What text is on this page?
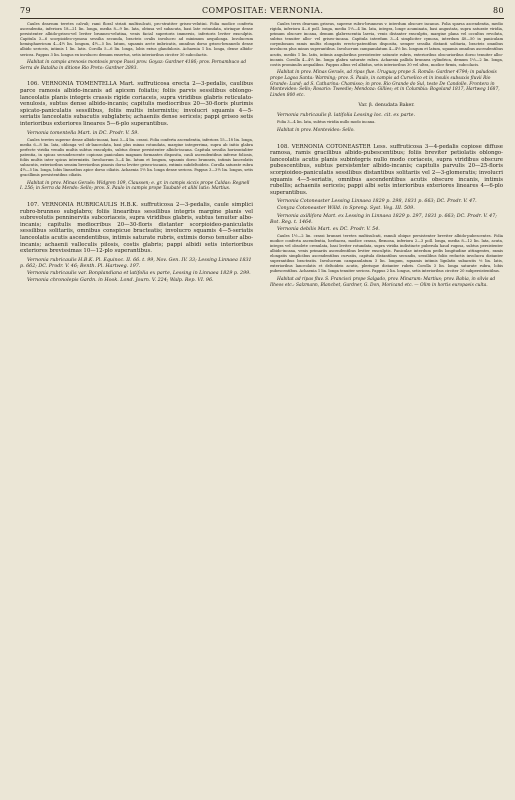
79	COMPOSITAE: VERNONIA.	80

Caules dearsum teretes calvuli; rami floral striati multisulcati, pro-stratiter griseo-velutini. Folia modice conferta ascendentia, inferiora 18—21 lin. longa, media 8—9 lin. lata, obtusa vel subacuta, basi late rotundata, utrinque dense persistenter albido-griseo-vel leviter brunneo-velutina, venis facial superioris immersis, inferioris leviter exsculptis. Capitula 3—6 scorpioideo-cymosa sessilia secunda, bracteis ovalis involucro ad minimum aequilonga. Involucrum hemisphaericum 4—4½ lin. longum, 4½—5 lin. latum, squamis arcte imbricatis, omnibus dorso griseo-brunnedo dense albido sericeis, intimis 1 lin. latis. Corolla 5—6 lin. longa, lobis extus glandulosis. Achaenia 1 lin. longa, dense albido-sericea. Pappus 3 lin. longus ex involucro demum exsertus, setis interioribus circiter 30 subcolactis.

Habitat in campis arenosis montosis prope Passi prov. Goyaz: Gardner 4186; prov. Pernambuco ad Serra de Batalha in ditione Rio Preto: Gardner 2893.

106. VERNONIA TOMENTELLA Mart. suffruticosa erecta 2—3-pedalis, caulibus parce ramosis albido-incanis ad apicem foliatis; foliis parvis sessilibus oblongo-lanceolatis planis integris crassis rigide coriaceis, supra viridibus glabris reticulato-venulosis, subtus dense albido-incanis; capitulis mediocribus 20—30-floris plurimis spicato-paniculatis sessilibus, foliis multis intermixtis; involucri squamis 4—5-seriatis lanceolatis subacutis subglabris; achaeniis dense sericeis; pappi griseo setis interioribus exteriores lineares 5—6-plo superantibus.

Vernonia tomentella Mart. in DC. Prodr. V. 59.

Caules teretes superne dense albido-incani, basi 3—4 lin. crassi. Folia conferta ascendentia, inferiora 15—18 lin. longa, media 6—8 lin. lata, oblonga vel ob-lanceolata, basi plus minus rotundata, margine integerrima, supra ab initio glabra perfecte viridia venulis multis subtus exsculptis, subtus dense persistenter albido-incana. Capitula sessilia horizontaliter patentia, in spicas secundescente copiosas paniculam magnam formantes disposita, cauli ascendentibus inferne foliosis, foliis multis inter spicas intermixtis. Involucrum 3—4 lin. latum et longum, squamis dorso brunneis, intimis lanceolatis subacutis, exterioribus sensim brevioribus pinosis dorso leviter griseo-incanis, extimis subdeltoideis. Corolla saturate rubra 4½—5 lin. longa, lobis linearibus apice dorso ciliatis. Achaenia 1½ lin. longa dense sericea. Pappus 3—3½ lin. longus, setis gracillimis persistentibus ciliatis.

Habitat in prov. Minas Geraës: Widgren 109, Claussen; e. gr. in campis siccis prope Caldas: Regnell I. 256; in Serra da Mendo: Sello; prov. S. Paulo in campis prope Taubaté et alibi lutis: Martius.

107. VERNONIA RUBRICAULIS H.B.K. suffruticosa 2—3-pedalis, caule simplici rubro-brunneo subglabro; foliis linearibus sessilibus integris margine planis vel subrevolutis penninerviis subcoriaceis, supra viridibus glabris, subtus tenuiter albo-incanis; capitulis mediocribus 20—30-floris distanter scorpioideo-paniculatis sessilibus solitariis, omnibus conspicue bracteatis; involucro squamis 4—5-seriatis lanceolatis acutis ascendentibus, intimis saturate rubris, extimis dorso tenuiter albo-incanis; achaenii valleculis pilosis, costis glabris; pappi albidi setis interioribus exteriores brevissimas 10—12-plo superantibus.

Vernonia rubricaulis H.B.K. Pl. Equinoc. II. 66. t. 99, Nov. Gen. IV. 33; Lessing Linnaea 1831 p. 662; DC. Prodr. V. 46; Benth. Pl. Hartweg. 197.

Vernonia rubricaulis var. Bonplandiana et latifolia ex parte, Lessing in Linnaea 1829 p. 299.

Vernonia chronolepis Gardn. in Hook. Lond. Journ. V. 224; Walp. Rep. VI. 96.

Caules teres dearsum griseus, superne rubro-brunneus v. interdum obscure incanus. Folia sparsa ascendentia, medio rigida, inferiora 4—6 poll. longa, media 1⅓—4 lin. lata, integra, longe acuminata, basi angustata, supra saturate viridia, primum obscure incana, demum glabrescentia laevia, venis distanter exsculptis, margine plana vel occultus revoluta, subtus tenuiter albo- vel griseo-incana. Capitula interdum 3—4 simpliciter cymosa, interdum 40—50 in paniculam corymbosam ramis multis elongatis erecto-patentibus disposita, semper sessilia distanti solitaria, bracteis omnibus involucra plus minus superantibus. Involucrum campanulatum 4—4½ lin. longum et latum, squamis omnibus ascendentibus acutis, mediis 1 lin. latis, intimis anguloribus persistenter saturate rubris, exterioribus obscurioribus dorso tenuiter albo-incanis. Corolla 4—4⅓ lin. longa glabra saturate rubra. Achaenia pallida brunnea cylindrica, demum 1⅓—2 lin. longa, costis prominulis aequalibus. Pappus albus vel albidus, setis interioribus 30 vel ultra, modice firmis, subcolacis.

Habitat in prov. Minas Geraës, ad ripas flue. Uruguay prope S. Romão: Gardner 4794; in paludosis prope Lagoa Santa: Warming; prov. S. Paulo, in campis ad Curvelico et in insulis subsaxis fluvii Rio Grande: Lund; ad S. Catharina: Chamisso; in prov. Rio Grande do Sul, teste De Candolle. Frontera in Montevideo: Sello; Rosario: Tweedie; Mendoza: Gillies; et in Columbia: Bogoland 1817, Hartweg 1687, Linden 800 etc.

Var. β. denudata Baker.

Vernonia rubricaulis β. latifolia Lessing loc. cit. ex parte.

Folia 3—4 lin. lata, subtus viridia nullo modo incana.

Habitat in prov. Montevideo: Sello.

108. VERNONIA COTONEASTER Less. suffruticosa 3—4-pedalis copiose diffuse ramosa, ramis gracilibus albido-pubescentibus; foliis breviter petiolatis oblongo-lanceolatis acutis planis subintegris nullo modo coriaceis, supra viridibus obscure pubescentibus, subtus persistenter albido-incanis; capitulis parvulis 20—25-floris scorpioideo-paniculatis sessilibus distantibus solitariis vel 2—3-glomeratis; involucri squamis 4—5-seriatis, omnibus ascendentibus acutis obscure incanis, intimis rubellis; achaeniis sericeis; pappi albi setis interioribus exteriores lineares 4—6-plo superantibus.

Vernonia Cotoneaster Lessing Linnaea 1829 p. 298, 1831 p. 663; DC. Prodr. V. 47.

Conyza Cotoneaster Willd. in Spreng. Syst. Veg. III. 509.

Vernonia axillifora Mart. ex Lessing in Linnaea 1829 p. 297, 1831 p. 663; DC. Prodr. V. 47; Bot. Reg. t. 1464.

Vernonia debilis Mart. ex DC. Prodr. V. 54.

Caules 1½—2 lin. crassi brunnei teretes multisulcati, ramuli obique persistenter breviter albido-pubescentes. Folia modice conferta ascendentia, herbacea, modice crassa, flexuosa, inferiora 2—3 poll. longa, media 8—12 lin. lata, acuta, integra vel obsolete crenulata, basi leviter rotundata, supra viridia indistincte puberula haud rugosa, subtus persistenter albido-incana, venis primariis ascendentibus leviter exsculptis. Paniculae interdum pedis longitudine attingentes, ramis elongatis simplicibus ascendentibus curvatis, capitula distantibus secundis, sessilibus foliis reductis involucra distanter superantibus bracteatis. Involucrum campanulatum 3 lin. longum, squamis intimis lignlatis subacutis ⅔ lin. latis, exterioribus lanceolatis et deltoideis acutis, plerisque distanter rubris. Corolla 3 lin. longa saturate rubra, lobis pubescentibus. Achaenia 1 lin. longa tenuiter sericea. Pappus 2 lin. longus, setis interioribus circiter 20 subpersistentibus.

Habitat ad ripas fluv. S. Francisci prope Salgado, prov. Minarum: Martius; prov. Bahia, in silvis ad Ilheos etc.: Salzmann, Blanchet, Gardner, G. Don, Moricand etc. — Olim in hortis europaeis culta.
